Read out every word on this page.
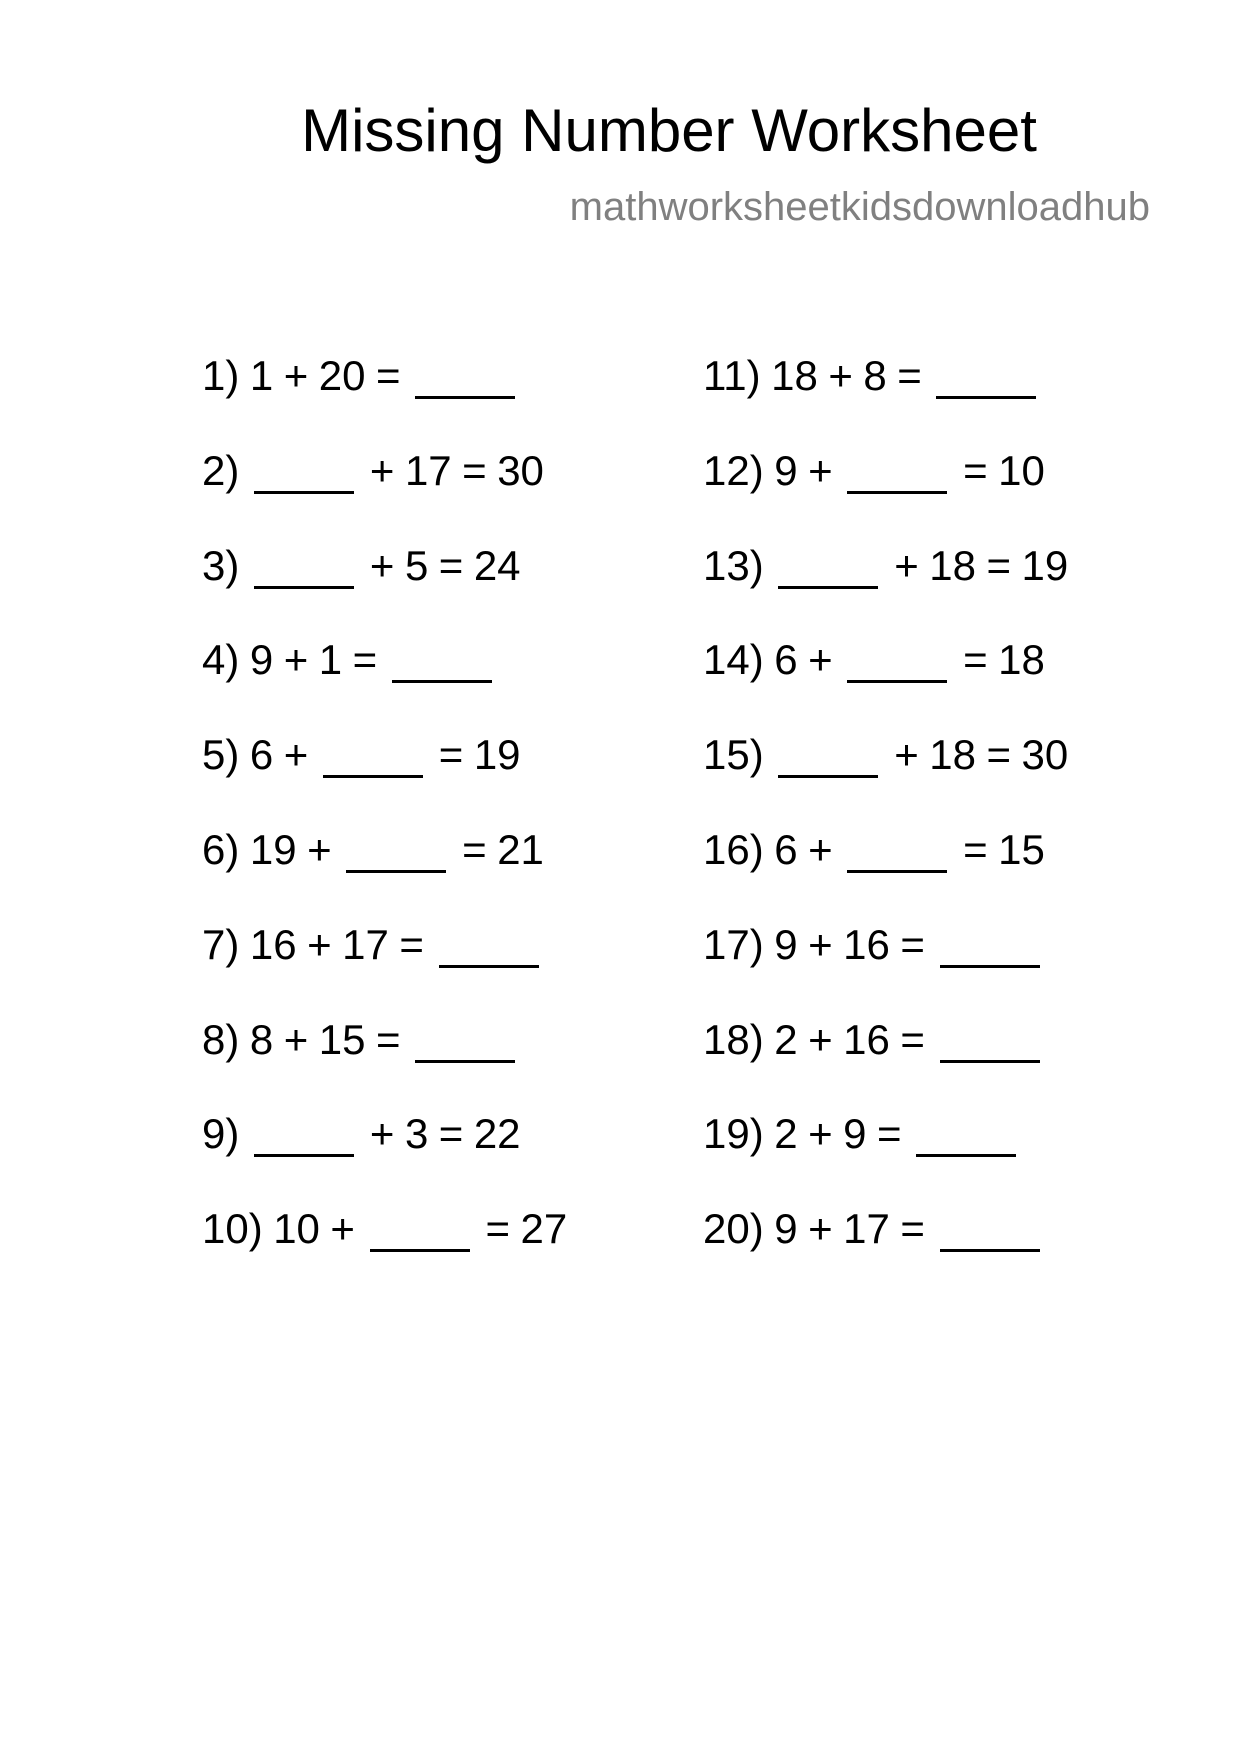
Missing Number Worksheet
mathworksheetkidsdownloadhub
1) 1 + 20 =
2)	+ 17 = 30
3)	+ 5 = 24
4) 9 + 1 =
5) 6 +	= 19
6) 19 +	= 21
7) 16 + 17 =
8) 8 + 15 =
9)	+ 3 = 22
10) 10 +	= 27
11) 18 + 8 =
12) 9 +	= 10
13)	+ 18 = 19
14) 6 +	= 18
15)	+ 18 = 30
16) 6 +	= 15
17) 9 + 16 =
18) 2 + 16 =
19) 2 + 9 =
20) 9 + 17 =
